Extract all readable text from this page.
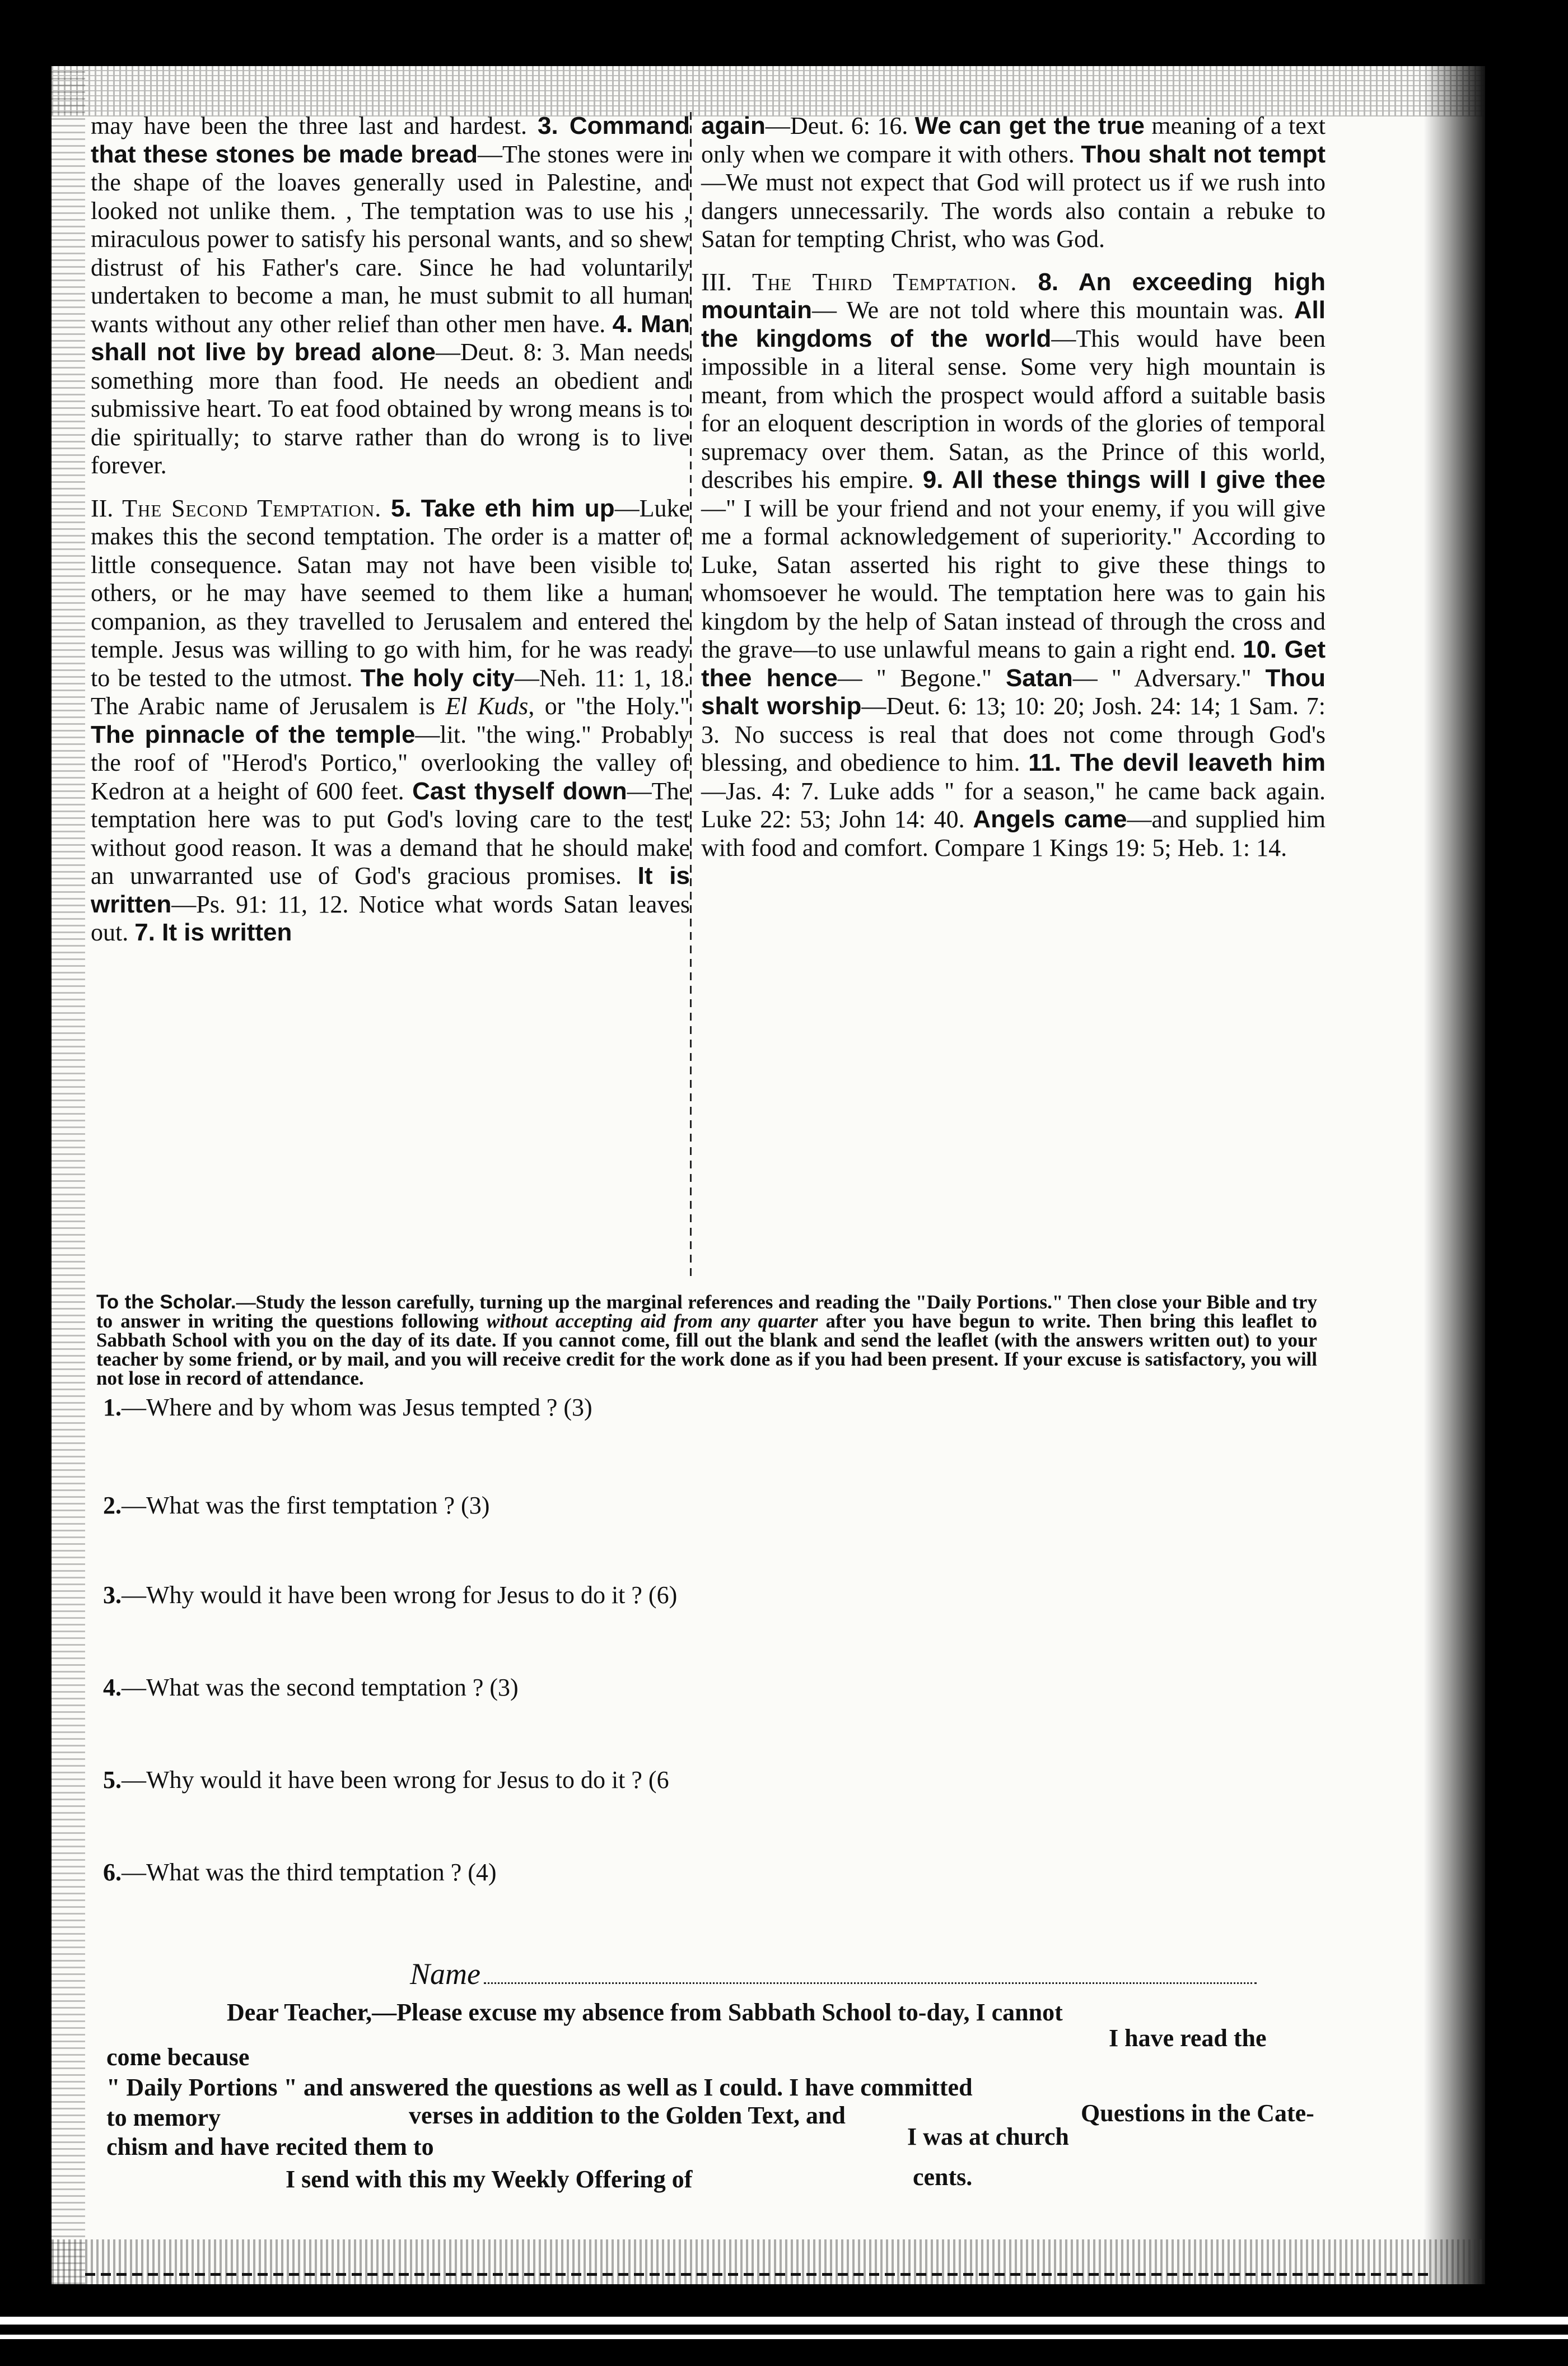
may have been the three last and hardest. 3. Command that these stones be made bread—The stones were in the shape of the loaves generally used in Palestine, and looked not unlike them. , The temptation was to use his , miraculous power to satisfy his personal wants, and so shew distrust of his Father's care. Since he had voluntarily undertaken to become a man, he must submit to all human wants without any other relief than other men have. 4. Man shall not live by bread alone—Deut. 8: 3. Man needs something more than food. He needs an obedient and submissive heart. To eat food obtained by wrong means is to die spiritually; to starve rather than do wrong is to live forever.

II. The Second Temptation. 5. Take eth him up—Luke makes this the second temptation. The order is a matter of little consequence. Satan may not have been visible to others, or he may have seemed to them like a human companion, as they travelled to Jerusalem and entered the temple. Jesus was willing to go with him, for he was ready to be tested to the utmost. The holy city—Neh. 11: 1, 18. The Arabic name of Jerusalem is El Kuds, or "the Holy." The pinnacle of the temple—lit. "the wing." Probably the roof of "Herod's Portico," overlooking the valley of Kedron at a height of 600 feet. Cast thyself down—The temptation here was to put God's loving care to the test without good reason. It was a demand that he should make an unwarranted use of God's gracious promises. It is written—Ps. 91: 11, 12. Notice what words Satan leaves out. 7. It is written

again—Deut. 6: 16. We can get the true meaning of a text only when we compare it with others. Thou shalt not tempt—We must not expect that God will protect us if we rush into dangers unnecessarily. The words also contain a rebuke to Satan for tempting Christ, who was God.

III. The Third Temptation. 8. An exceeding high mountain— We are not told where this mountain was. All the kingdoms of the world—This would have been impossible in a literal sense. Some very high mountain is meant, from which the prospect would afford a suitable basis for an eloquent description in words of the glories of temporal supremacy over them. Satan, as the Prince of this world, describes his empire. 9. All these things will I give thee—" I will be your friend and not your enemy, if you will give me a formal acknowledgement of superiority." According to Luke, Satan asserted his right to give these things to whomsoever he would. The temptation here was to gain his kingdom by the help of Satan instead of through the cross and the grave—to use unlawful means to gain a right end. 10. Get thee hence— " Begone." Satan— " Adversary." Thou shalt worship—Deut. 6: 13; 10: 20; Josh. 24: 14; 1 Sam. 7: 3. No success is real that does not come through God's blessing, and obedience to him. 11. The devil leaveth him—Jas. 4: 7. Luke adds " for a season," he came back again. Luke 22: 53; John 14: 40. Angels came—and supplied him with food and comfort. Compare 1 Kings 19: 5; Heb. 1: 14.

To the Scholar.—Study the lesson carefully, turning up the marginal references and reading the "Daily Portions." Then close your Bible and try to answer in writing the questions following without accepting aid from any quarter after you have begun to write. Then bring this leaflet to Sabbath School with you on the day of its date. If you cannot come, fill out the blank and send the leaflet (with the answers written out) to your teacher by some friend, or by mail, and you will receive credit for the work done as if you had been present. If your excuse is satisfactory, you will not lose in record of attendance.
1.—Where and by whom was Jesus tempted ? (3)
2.—What was the first temptation ? (3)
3.—Why would it have been wrong for Jesus to do it ? (6)
4.—What was the second temptation ? (3)
5.—Why would it have been wrong for Jesus to do it ? (6
6.—What was the third temptation ? (4)
Name
Dear Teacher,—Please excuse my absence from Sabbath School to-day, I cannot
I have read the
come because
" Daily Portions " and answered the questions as well as I could. I have committed
to memory	verses in addition to the Golden Text, and	Questions in the Cate-
chism and have recited them to	I was at church
I send with this my Weekly Offering of	cents.
